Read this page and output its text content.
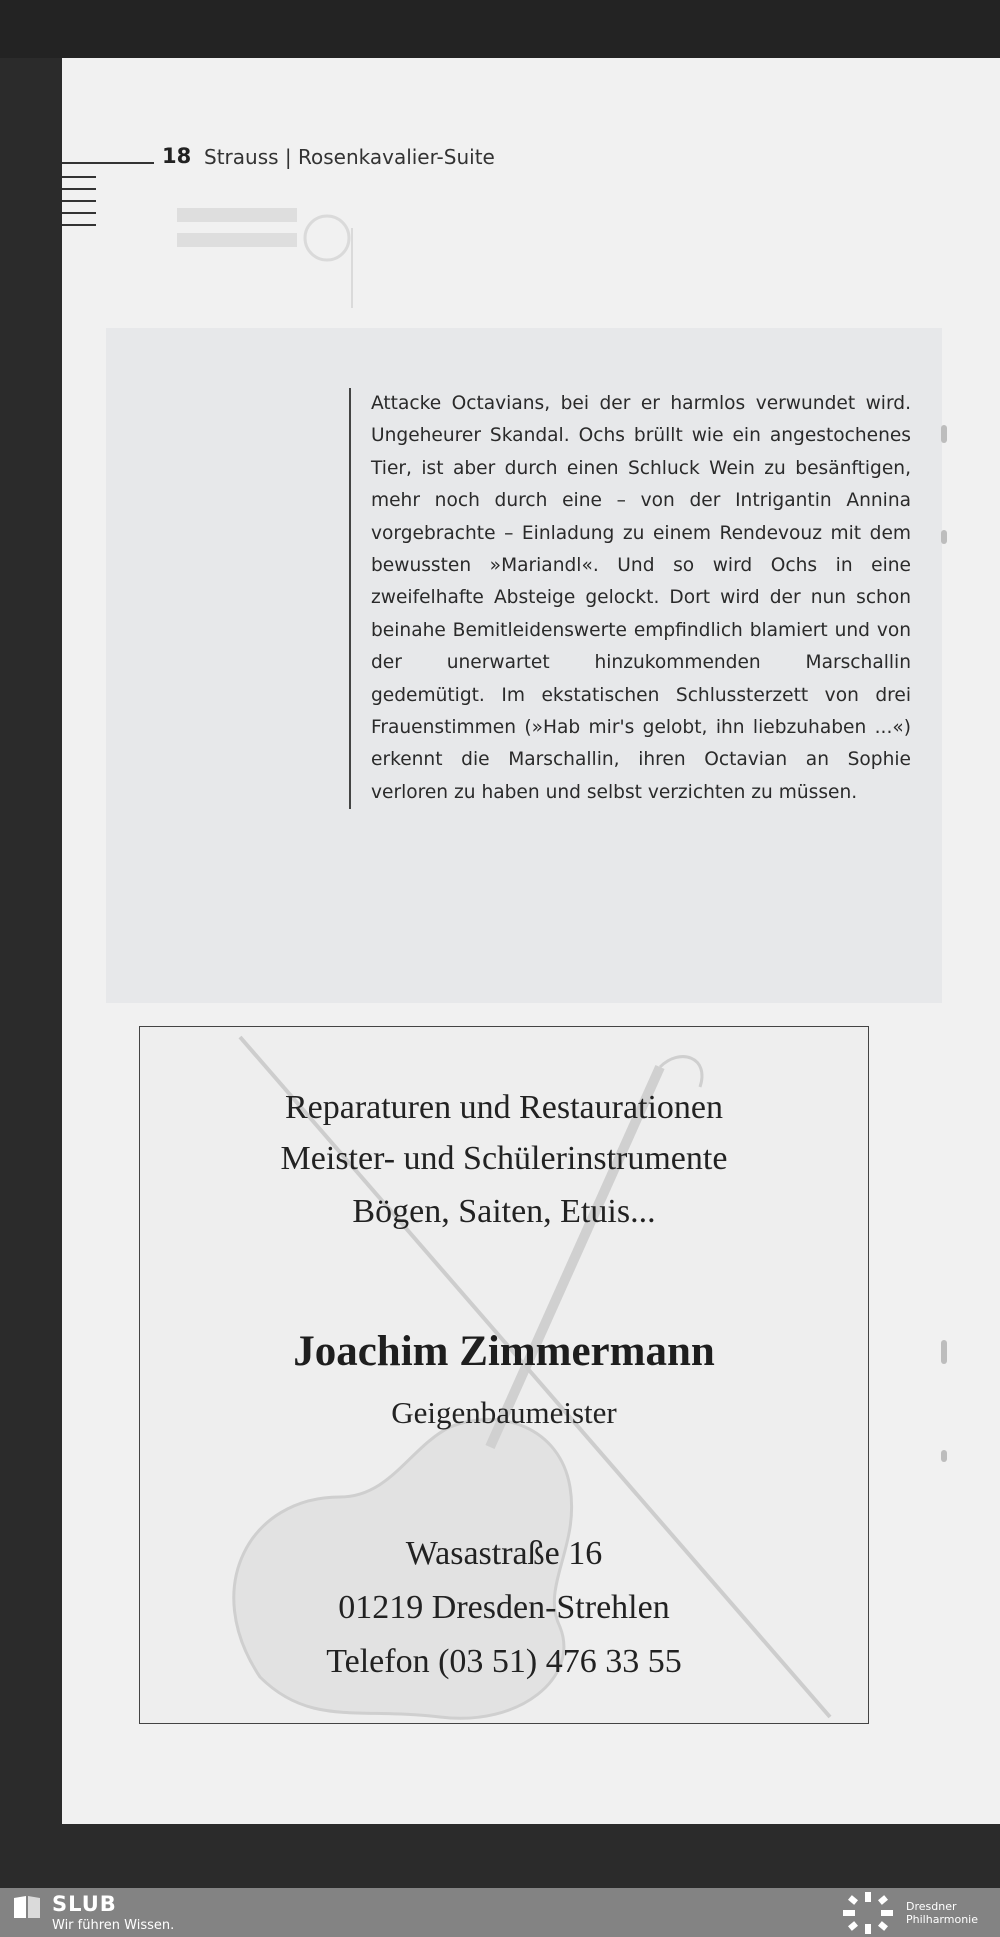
18 Strauss | Rosenkavalier-Suite
Attacke Octavians, bei der er harmlos verwundet wird. Ungeheurer Skandal. Ochs brüllt wie ein angestochenes Tier, ist aber durch einen Schluck Wein zu besänftigen, mehr noch durch eine – von der Intrigantin Annina vorgebrachte – Einladung zu einem Rendevouz mit dem bewussten »Mariandl«. Und so wird Ochs in eine zweifelhafte Absteige gelockt. Dort wird der nun schon beinahe Bemitleidenswerte empfindlich blamiert und von der unerwartet hinzukommenden Marschallin gedemütigt. Im ekstatischen Schlussterzett von drei Frauenstimmen (»Hab mir's gelobt, ihn liebzuhaben ...«) erkennt die Marschallin, ihren Octavian an Sophie verloren zu haben und selbst verzichten zu müssen.
Reparaturen und Restaurationen
Meister- und Schülerinstrumente
Bögen, Saiten, Etuis...
Joachim Zimmermann
Geigenbaumeister
Wasastraße 16
01219 Dresden-Strehlen
Telefon (03 51) 476 33 55
SLUB
Wir führen Wissen.
Dresdner
Philharmonie
